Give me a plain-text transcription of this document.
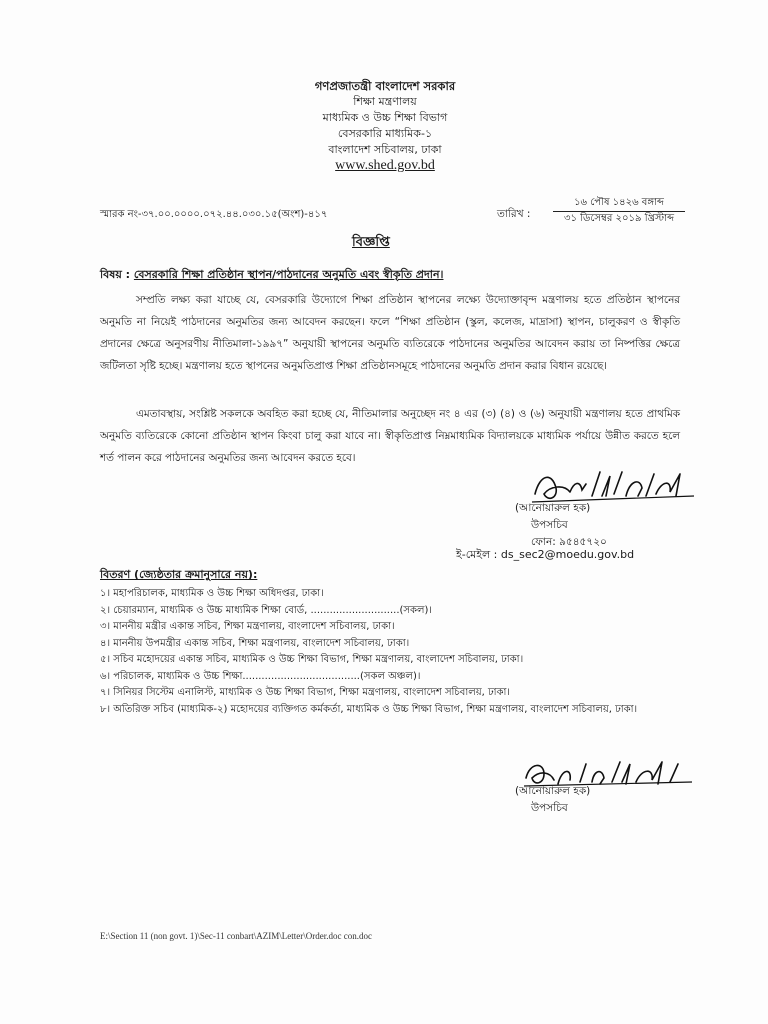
গণপ্রজাতন্ত্রী বাংলাদেশ সরকার
শিক্ষা মন্ত্রণালয়
মাধ্যমিক ও উচ্চ শিক্ষা বিভাগ
বেসরকারি মাধ্যমিক-১
বাংলাদেশ সচিবালয়, ঢাকা
www.shed.gov.bd
স্মারক নং-৩৭.০০.০০০০.০৭২.৪৪.০৩০.১৫(অংশ)-৪১৭	তারিখ :
১৬ পৌষ ১৪২৬ বঙ্গাব্দ
৩১ ডিসেম্বর ২০১৯ খ্রিস্টাব্দ
বিজ্ঞপ্তি
বিষয় : বেসরকারি শিক্ষা প্রতিষ্ঠান স্থাপন/পাঠদানের অনুমতি এবং স্বীকৃতি প্রদান।
সম্প্রতি লক্ষ্য করা যাচ্ছে যে, বেসরকারি উদ্যোগে শিক্ষা প্রতিষ্ঠান স্থাপনের লক্ষ্যে উদ্যোক্তাবৃন্দ মন্ত্রণালয় হতে প্রতিষ্ঠান স্থাপনের অনুমতি না নিয়েই পাঠদানের অনুমতির জন্য আবেদন করছেন। ফলে “শিক্ষা প্রতিষ্ঠান (স্কুল, কলেজ, মাদ্রাসা) স্থাপন, চালুকরণ ও স্বীকৃতি প্রদানের ক্ষেত্রে অনুসরণীয় নীতিমালা-১৯৯৭” অনুযায়ী স্থাপনের অনুমতি ব্যতিরেকে পাঠদানের অনুমতির আবেদন করায় তা নিষ্পত্তির ক্ষেত্রে জটিলতা সৃষ্টি হচ্ছে। মন্ত্রণালয় হতে স্থাপনের অনুমতিপ্রাপ্ত শিক্ষা প্রতিষ্ঠানসমূহে পাঠদানের অনুমতি প্রদান করার বিধান রয়েছে।
এমতাবস্থায়, সংশ্লিষ্ট সকলকে অবহিত করা হচ্ছে যে, নীতিমালার অনুচ্ছেদ নং ৪ এর (৩) (৪) ও (৬) অনুযায়ী মন্ত্রণালয় হতে প্রাথমিক অনুমতি ব্যতিরেকে কোনো প্রতিষ্ঠান স্থাপন কিংবা চালু করা যাবে না। স্বীকৃতিপ্রাপ্ত নিম্নমাধ্যমিক বিদ্যালয়কে মাধ্যমিক পর্যায়ে উন্নীত করতে হলে শর্ত পালন করে পাঠদানের অনুমতির জন্য আবেদন করতে হবে।
(আনোয়ারুল হক)
উপসচিব
ফোন: ৯৫৪৫৭২০
ই-মেইল : ds_sec2@moedu.gov.bd
বিতরণ (জ্যেষ্ঠতার ক্রমানুসারে নয়):
১। মহাপরিচালক, মাধ্যমিক ও উচ্চ শিক্ষা অধিদপ্তর, ঢাকা।
২। চেয়ারম্যান, মাধ্যমিক ও উচ্চ মাধ্যমিক শিক্ষা বোর্ড, ............................(সকল)।
৩। মাননীয় মন্ত্রীর একান্ত সচিব, শিক্ষা মন্ত্রণালয়, বাংলাদেশ সচিবালয়, ঢাকা।
৪। মাননীয় উপমন্ত্রীর একান্ত সচিব, শিক্ষা মন্ত্রণালয়, বাংলাদেশ সচিবালয়, ঢাকা।
৫। সচিব মহোদয়ের একান্ত সচিব, মাধ্যমিক ও উচ্চ শিক্ষা বিভাগ, শিক্ষা মন্ত্রণালয়, বাংলাদেশ সচিবালয়, ঢাকা।
৬। পরিচালক, মাধ্যমিক ও উচ্চ শিক্ষা.....................................(সকল অঞ্চল)।
৭। সিনিয়র সিস্টেম এনালিস্ট, মাধ্যমিক ও উচ্চ শিক্ষা বিভাগ, শিক্ষা মন্ত্রণালয়, বাংলাদেশ সচিবালয়, ঢাকা।
৮। অতিরিক্ত সচিব (মাধ্যমিক-২) মহোদয়ের ব্যক্তিগত কর্মকর্তা, মাধ্যমিক ও উচ্চ শিক্ষা বিভাগ, শিক্ষা মন্ত্রণালয়, বাংলাদেশ সচিবালয়, ঢাকা।
(আনোয়ারুল হক)
উপসচিব
E:\Section 11 (non govt. 1)\Sec-11 conbart\AZIM\Letter\Order.doc con.doc
